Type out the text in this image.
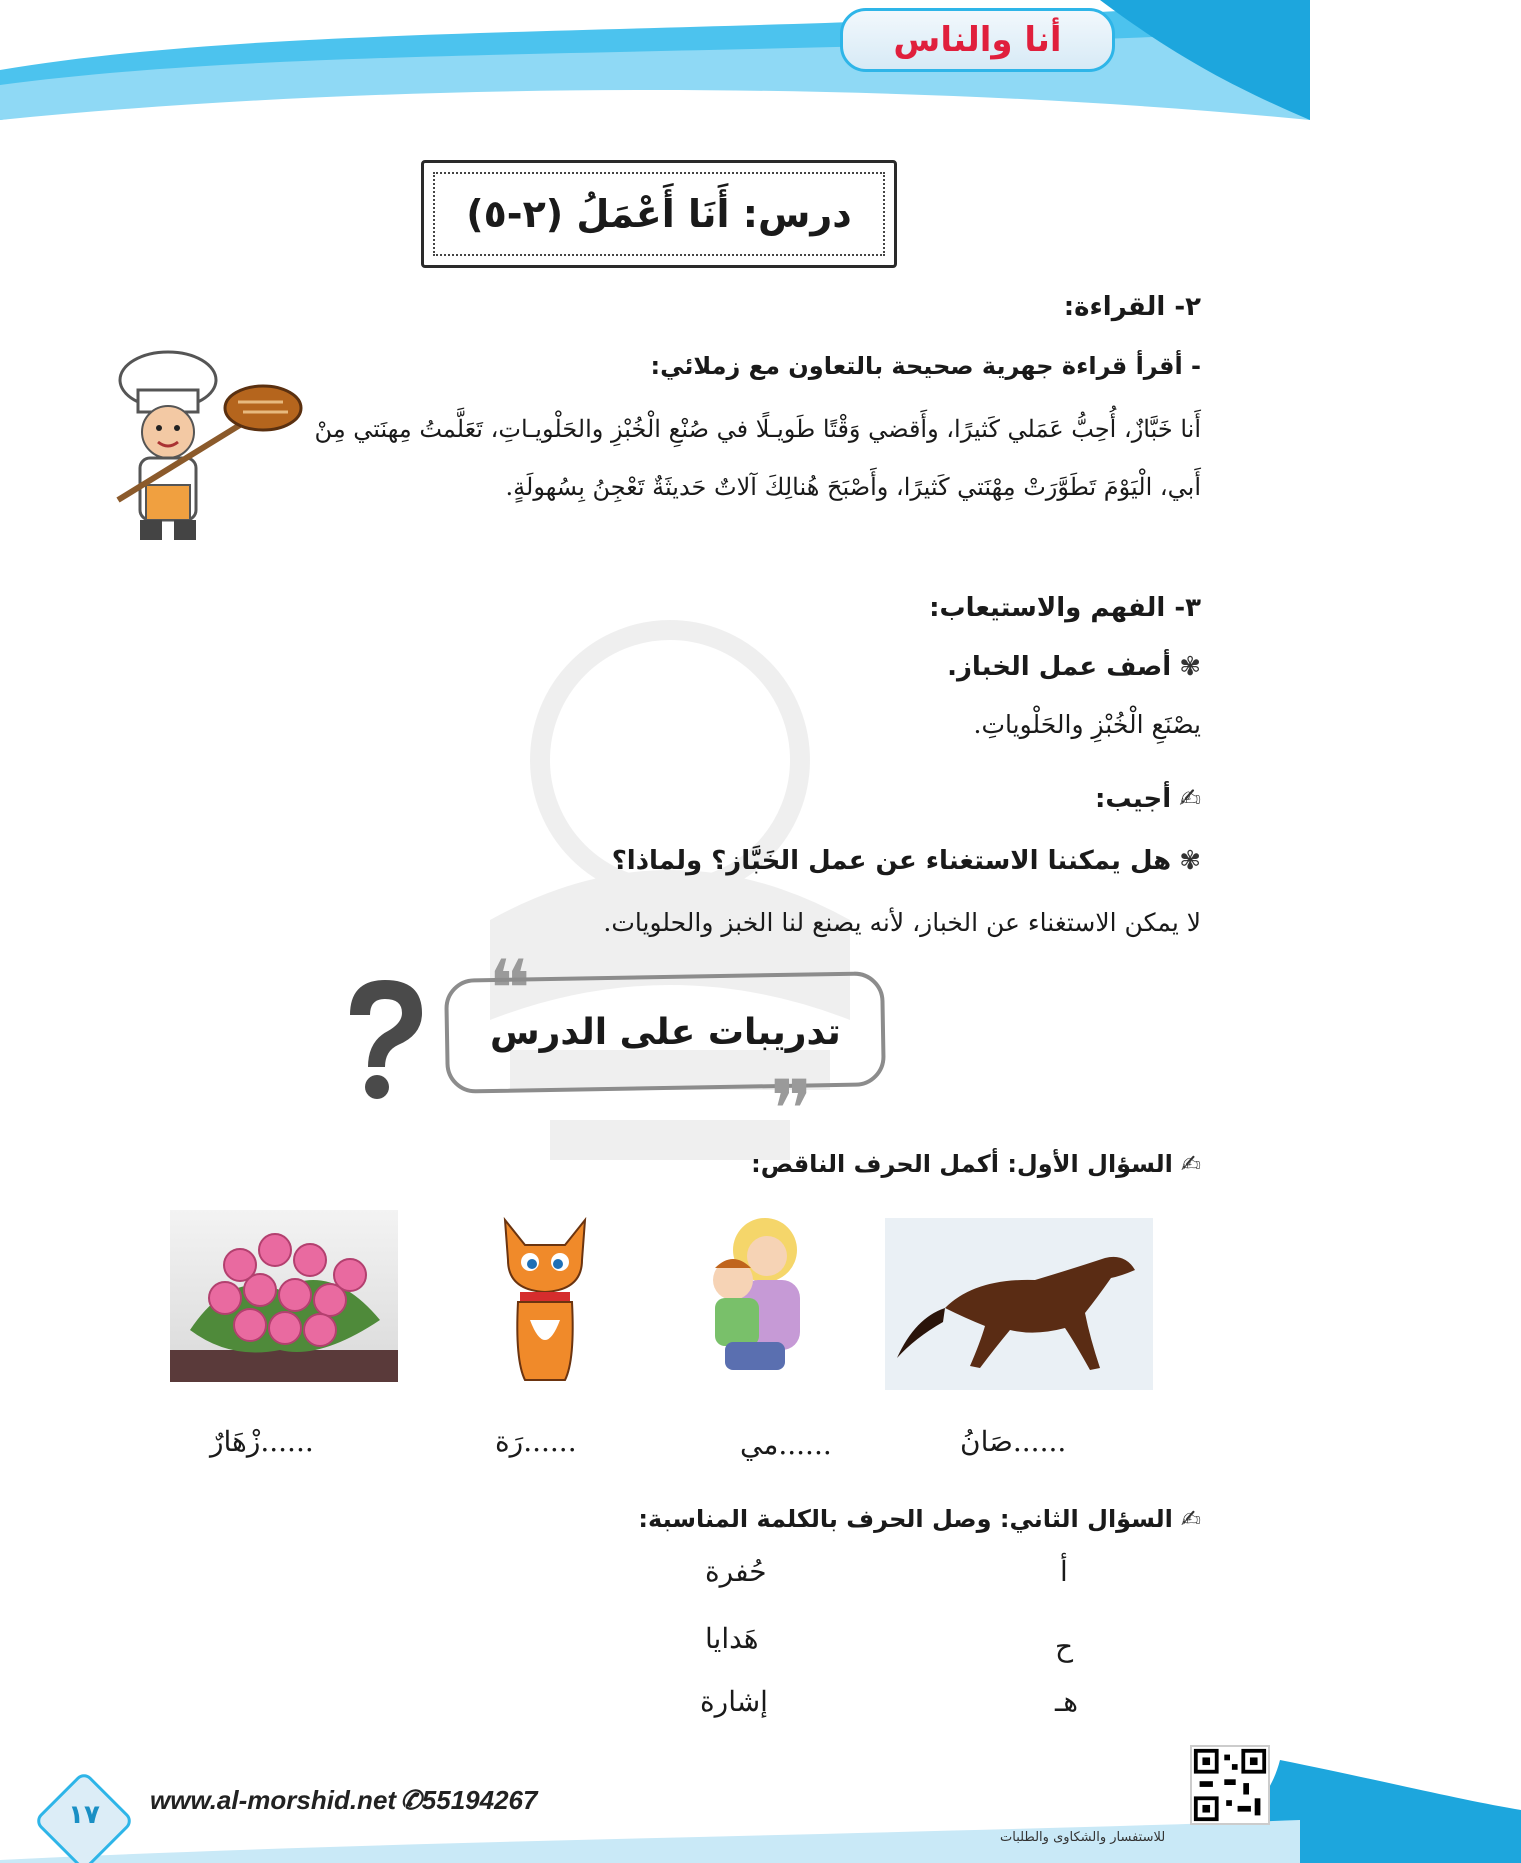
أنا والناس
درس: أَنَا أَعْمَلُ (٢-٥)
٢- القراءة:
- أقرأ قراءة جهرية صحيحة بالتعاون مع زملائي:
أَنا خَبَّازٌ، أُحِبُّ عَمَلي كَثيرًا، وأَقضي وَقْتًا طَويـلًا في صُنْعِ الْخُبْزِ والحَلْويـاتِ، تَعَلَّمتُ مِهنَتي مِنْ أَبي، الْيَوْمَ تَطَوَّرَتْ مِهْنَتي كَثيرًا، وأَصْبَحَ هُنالِكَ آلاتٌ حَديثَةٌ تَعْجِنُ بِسُهولَةٍ.
٣- الفهم والاستيعاب:
✾أصف عمل الخباز.
يصْنَعِ الْخُبْزِ والحَلْوياتِ.
✍أجيب:
✾هل يمكننا الاستغناء عن عمل الخَبَّاز؟ ولماذا؟
لا يمكن الاستغناء عن الخباز، لأنه يصنع لنا الخبز والحلويات.
❝
تدريبات على الدرس
❞
✍السؤال الأول: أكمل الحرف الناقص:
......صَانُ
......مي
......رَة
......زْهَارٌ
✍السؤال الثاني: وصل الحرف بالكلمة المناسبة:
أ
ح
هـ
حُفرة
هَدايا
إشارة
١٧	www.al-morshid.net ✆55194267
للاستفسار والشكاوى والطلبات
